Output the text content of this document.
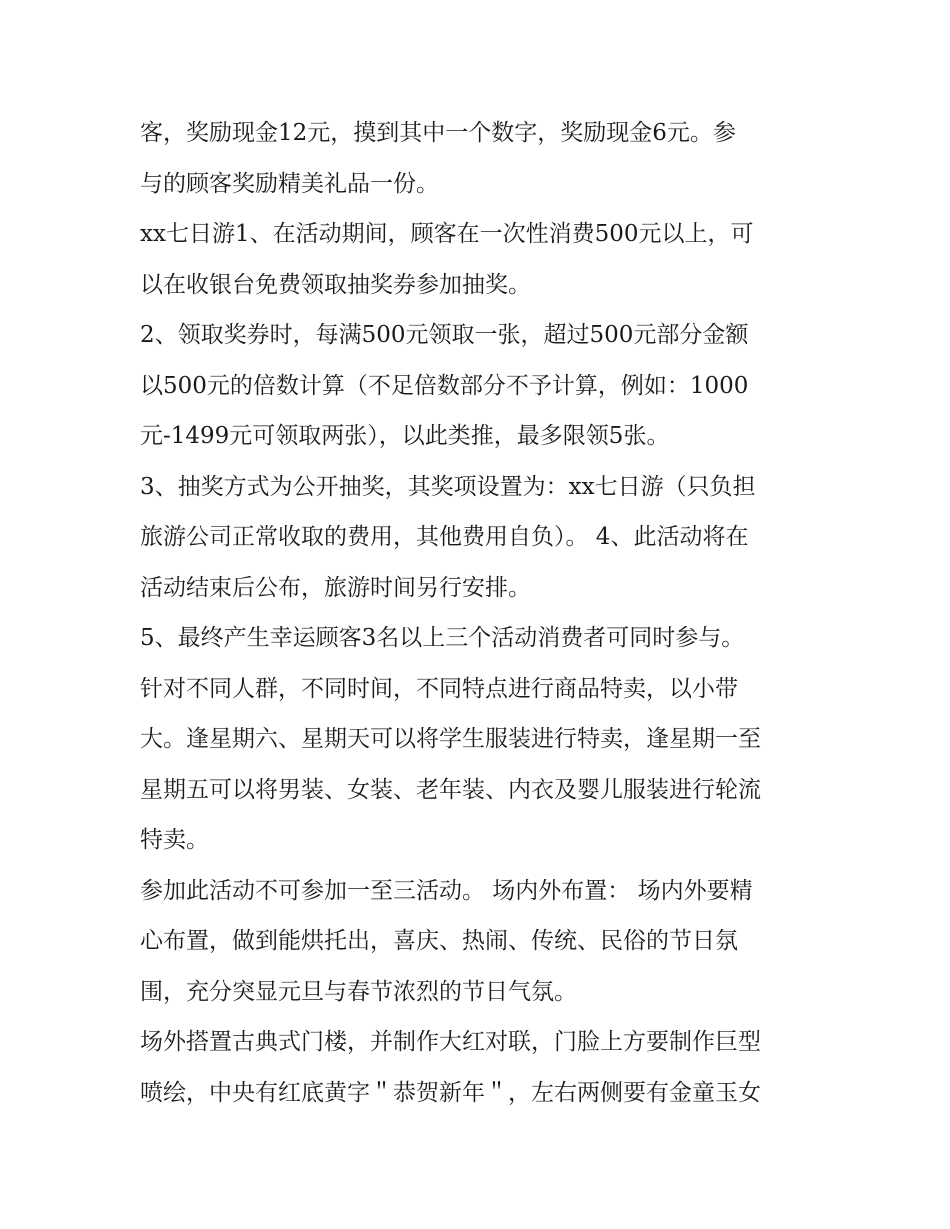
客，奖励现金12元，摸到其中一个数字，奖励现金6元。参
与的顾客奖励精美礼品一份。
xx七日游1、在活动期间，顾客在一次性消费500元以上，可
以在收银台免费领取抽奖券参加抽奖。
2、领取奖券时，每满500元领取一张，超过500元部分金额
以500元的倍数计算（不足倍数部分不予计算，例如：1000
元-1499元可领取两张），以此类推，最多限领5张。
3、抽奖方式为公开抽奖，其奖项设置为：xx七日游（只负担
旅游公司正常收取的费用，其他费用自负）。 4、此活动将在
活动结束后公布，旅游时间另行安排。
5、最终产生幸运顾客3名以上三个活动消费者可同时参与。
针对不同人群，不同时间，不同特点进行商品特卖，以小带
大。逢星期六、星期天可以将学生服装进行特卖，逢星期一至
星期五可以将男装、女装、老年装、内衣及婴儿服装进行轮流
特卖。
参加此活动不可参加一至三活动。 场内外布置： 场内外要精
心布置，做到能烘托出，喜庆、热闹、传统、民俗的节日氛
围，充分突显元旦与春节浓烈的节日气氛。
场外搭置古典式门楼，并制作大红对联，门脸上方要制作巨型
喷绘，中央有红底黄字＂恭贺新年＂，左右两侧要有金童玉女
